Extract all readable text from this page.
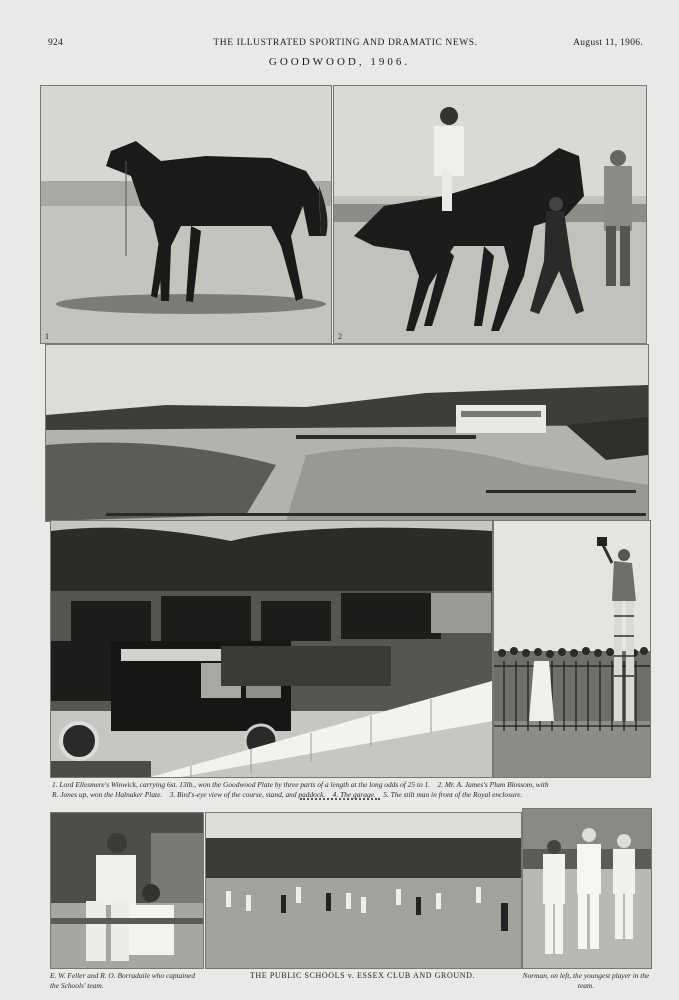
924	THE ILLUSTRATED SPORTING AND DRAMATIC NEWS.	August 11, 1906.
GOODWOOD, 1906.
1	2
1. Lord Ellesmere's Winwick, carrying 6st. 13lb., won the Goodwood Plate by three parts of a length at the long odds of 25 to 1. 2. Mr. A. James's Plum Blossom, with
R. Jones up, won the Halnaker Plate. 3. Bird's-eye view of the course, stand, and paddock. 4. The garage. 5. The stilt man in front of the Royal enclosure.
E. W. Feller and R. O. Borradaile who captained the Schools' team.
THE PUBLIC SCHOOLS v. ESSEX CLUB AND GROUND.	Norman, on left, the youngest player in the team.
